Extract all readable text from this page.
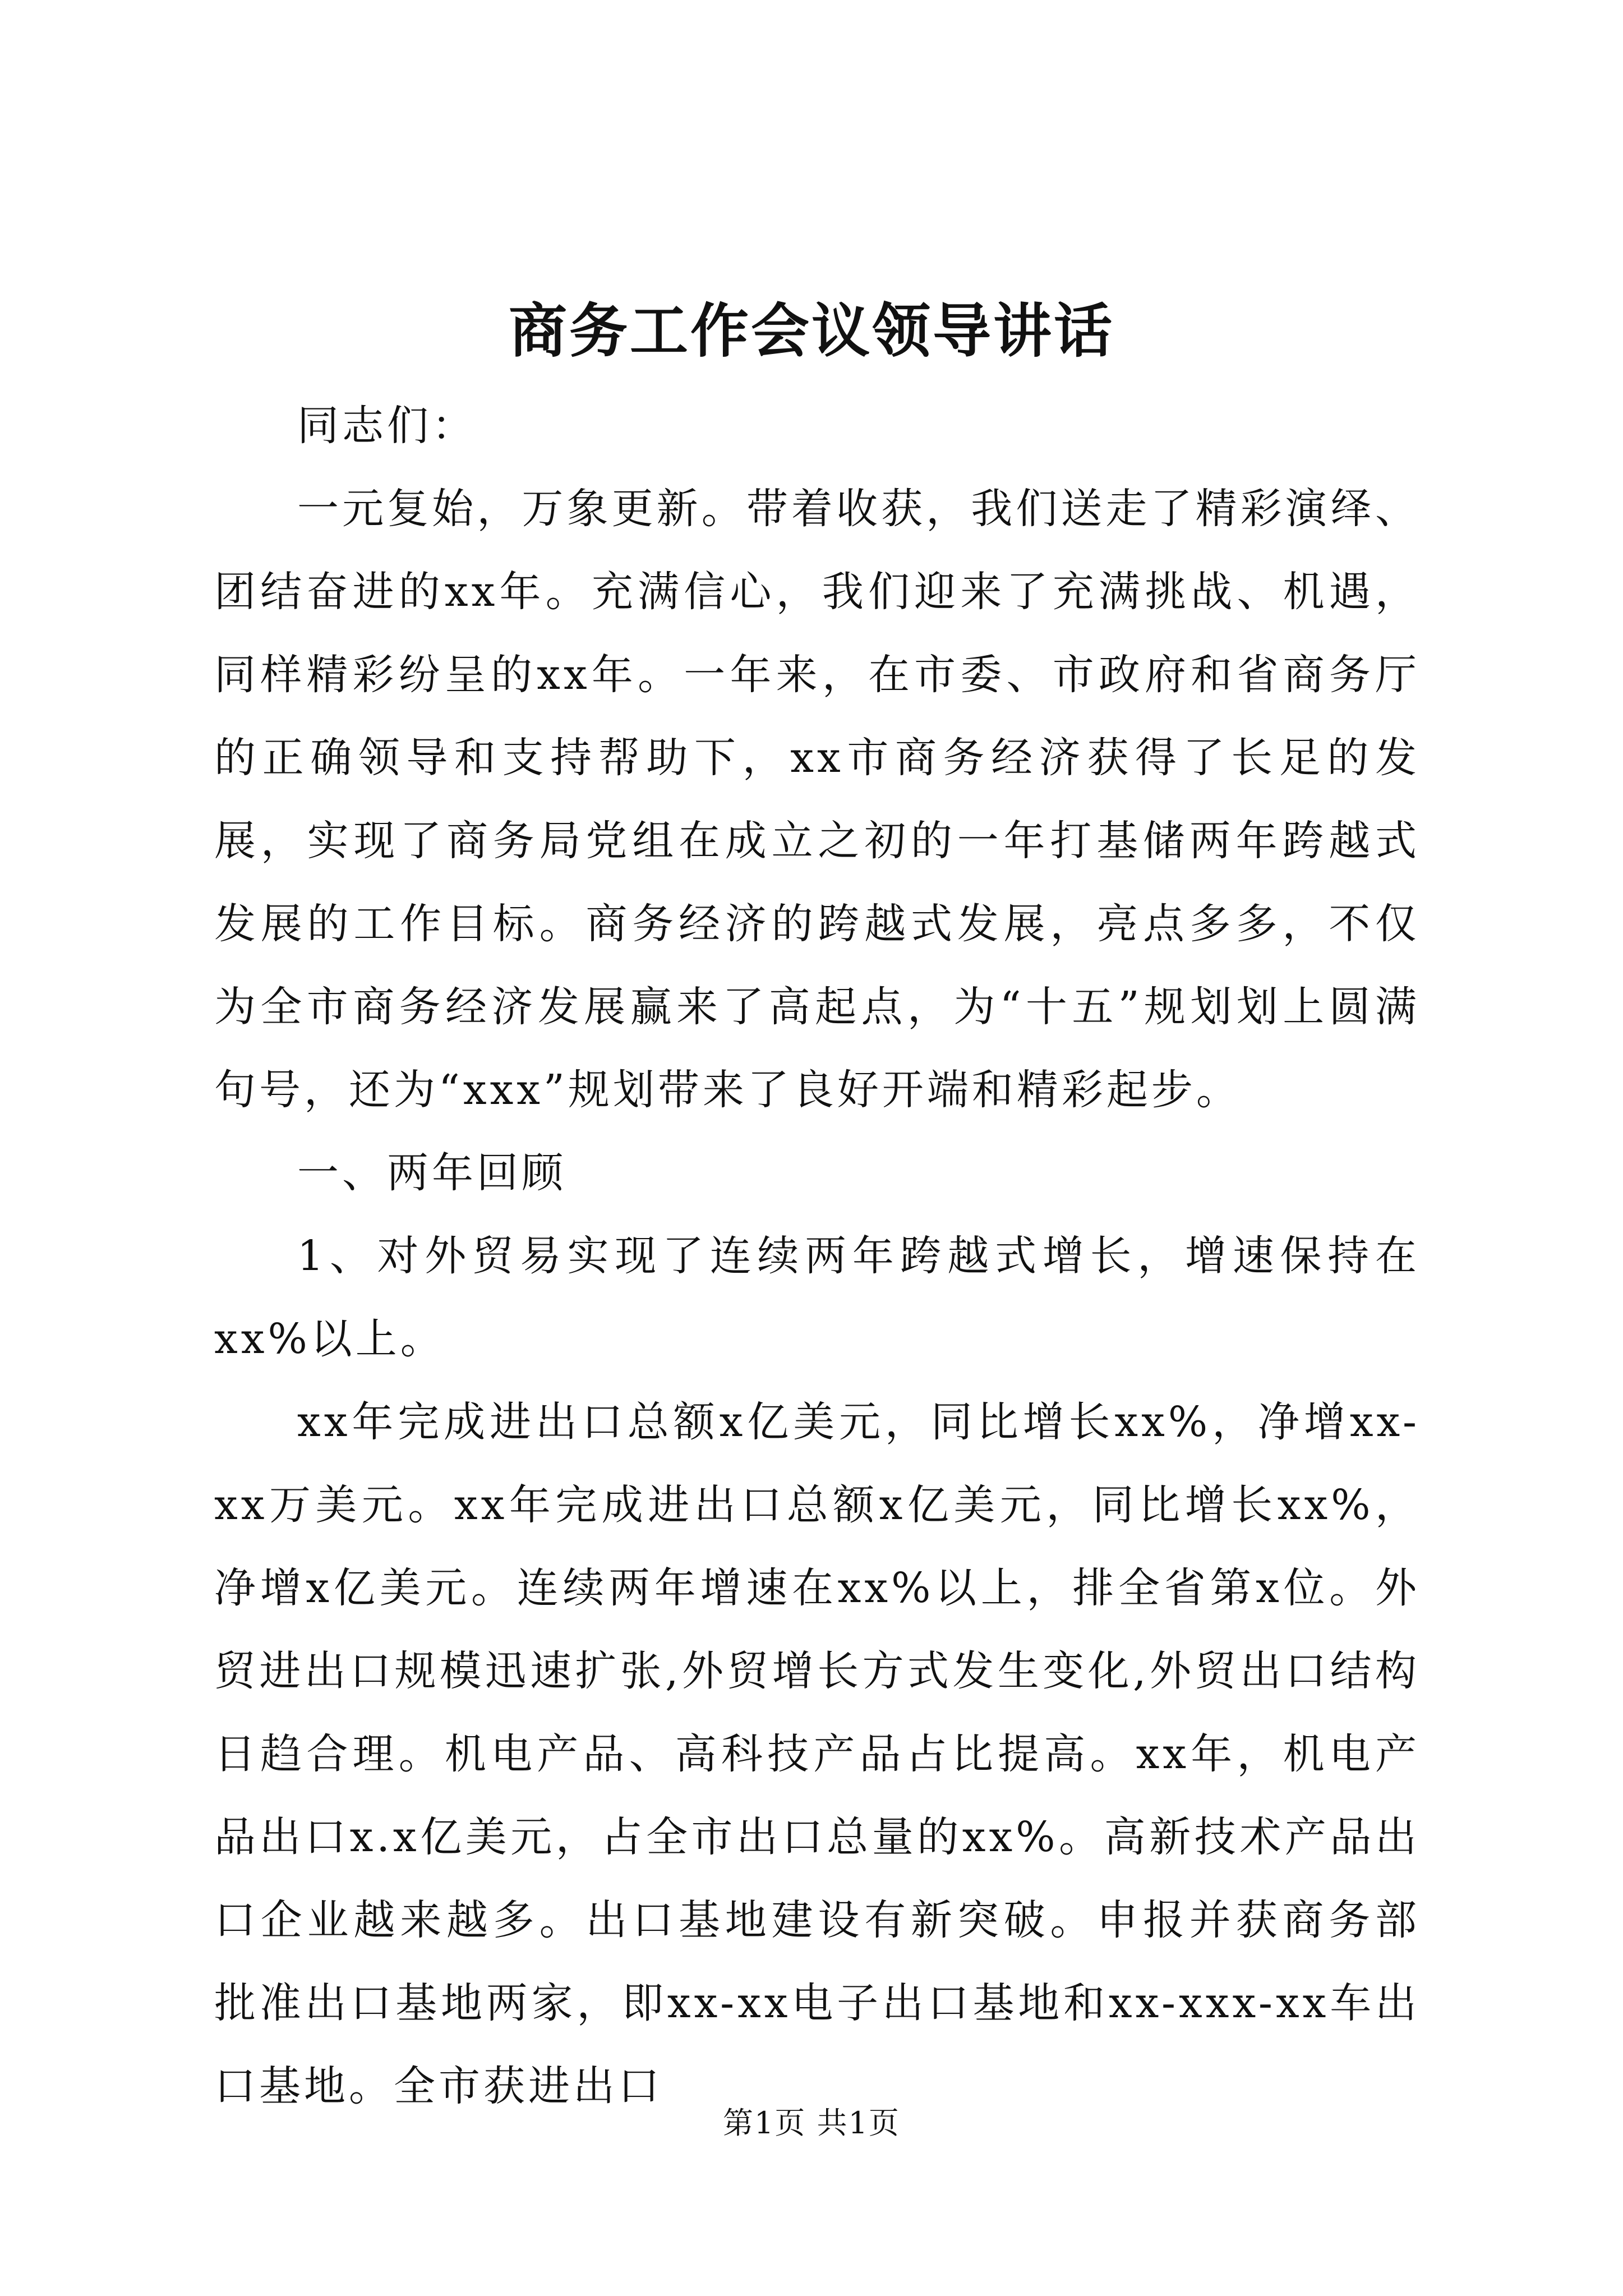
商务工作会议领导讲话

同志们：

一元复始，万象更新。带着收获，我们送走了精彩演绎、团结奋进的xx年。充满信心，我们迎来了充满挑战、机遇，同样精彩纷呈的xx年。一年来，在市委、市政府和省商务厅的正确领导和支持帮助下，xx市商务经济获得了长足的发展，实现了商务局党组在成立之初的一年打基储两年跨越式发展的工作目标。商务经济的跨越式发展，亮点多多，不仅为全市商务经济发展赢来了高起点，为“十五”规划划上圆满句号，还为“xxx”规划带来了良好开端和精彩起步。

一、两年回顾

1、对外贸易实现了连续两年跨越式增长，增速保持在xx%以上。

xx年完成进出口总额x亿美元，同比增长xx%，净增xx-xx万美元。xx年完成进出口总额x亿美元，同比增长xx%，净增x亿美元。连续两年增速在xx%以上，排全省第x位。外贸进出口规模迅速扩张,外贸增长方式发生变化,外贸出口结构日趋合理。机电产品、高科技产品占比提高。xx年，机电产品出口x.x亿美元，占全市出口总量的xx%。高新技术产品出口企业越来越多。出口基地建设有新突破。申报并获商务部批准出口基地两家，即xx-xx电子出口基地和xx-xxx-xx车出口基地。全市获进出口

第1页 共1页
